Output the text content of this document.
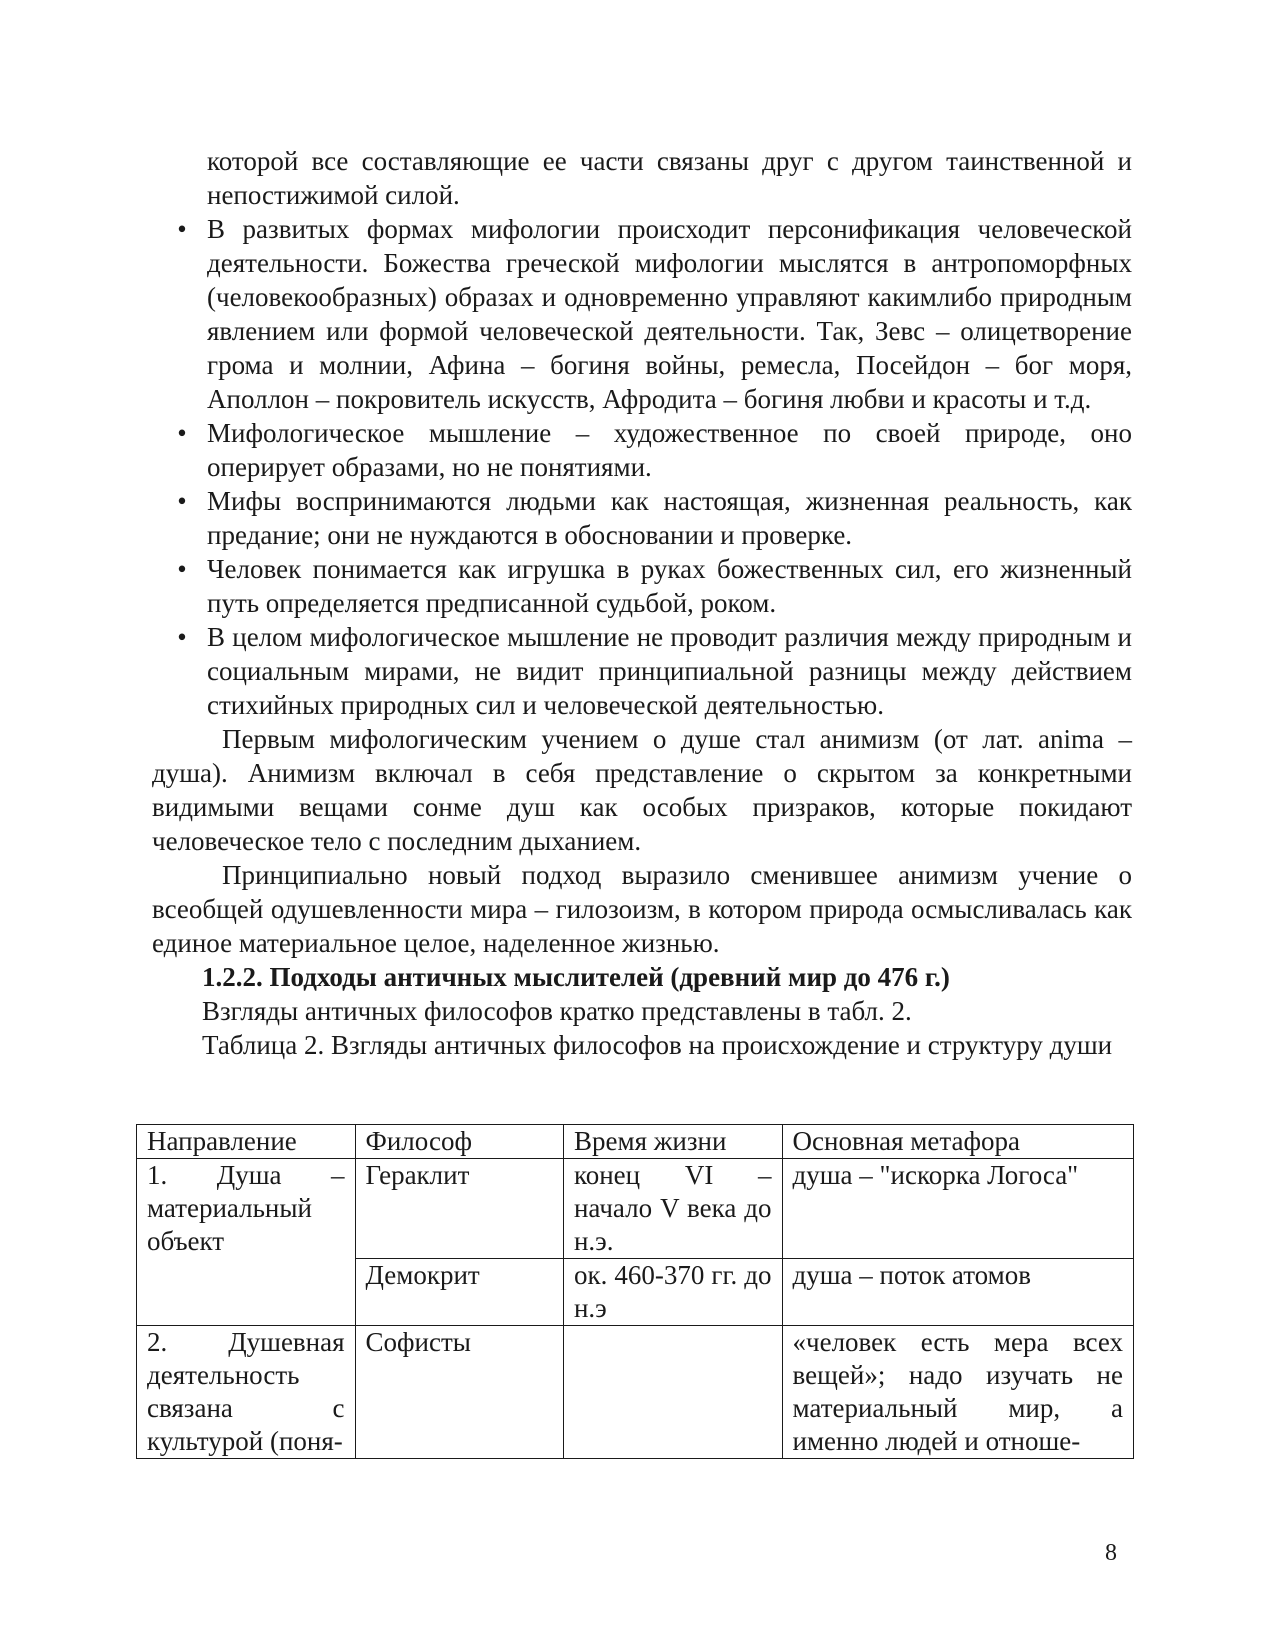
которой все составляющие ее части связаны друг с другом таинственной и непостижимой силой.

• В развитых формах мифологии происходит персонификация человеческой деятельности. Божества греческой мифологии мыслятся в антропоморфных (человекообразных) образах и одновременно управляют какимлибо природным явлением или формой человеческой деятельности. Так, Зевс – олицетворение грома и молнии, Афина – богиня войны, ремесла, Посейдон – бог моря, Аполлон – покровитель искусств, Афродита – богиня любви и красоты и т.д.
• Мифологическое мышление – художественное по своей природе, оно оперирует образами, но не понятиями.
• Мифы воспринимаются людьми как настоящая, жизненная реальность, как предание; они не нуждаются в обосновании и проверке.
• Человек понимается как игрушка в руках божественных сил, его жизненный путь определяется предписанной судьбой, роком.
• В целом мифологическое мышление не проводит различия между природным и социальным мирами, не видит принципиальной разницы между действием стихийных природных сил и человеческой деятельностью.

Первым мифологическим учением о душе стал анимизм (от лат. anima – душа). Анимизм включал в себя представление о скрытом за конкретными видимыми вещами сонме душ как особых призраков, которые покидают человеческое тело с последним дыханием.

Принципиально новый подход выразило сменившее анимизм учение о всеобщей одушевленности мира – гилозоизм, в котором природа осмысливалась как единое материальное целое, наделенное жизнью.

1.2.2. Подходы античных мыслителей (древний мир до 476 г.)

Взгляды античных философов кратко представлены в табл. 2.

Таблица 2. Взгляды античных философов на происхождение и структуру души

Направление	Философ	Время жизни	Основная метафора
1. Душа – материальный объект	Гераклит	конец VI – начало V века до н.э.	душа – "искорка Логоса"
	Демокрит	ок. 460-370 гг. до н.э	душа – поток атомов
2. Душевная деятельность связана с культурой (поня-	Софисты		«человек есть мера всех вещей»; надо изучать не материальный мир, а именно людей и отноше-
8
